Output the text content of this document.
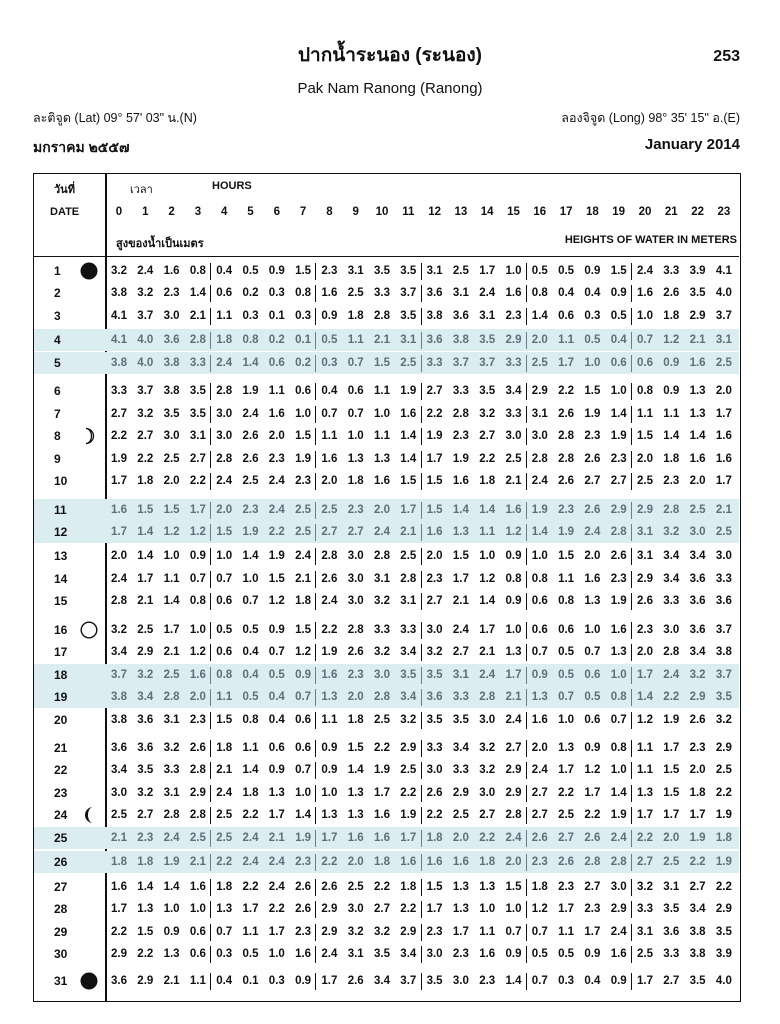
ปากน้ำระนอง (ระนอง)	253
Pak Nam Ranong (Ranong)
ละติจูด (Lat) 09° 57' 03" น.(N)	ลองจิจูด (Long) 98° 35' 15" อ.(E)
มกราคม ๒๕๕๗	January 2014
วันที่
DATE
เวลา	HOURS
0	1	2	3	4	5	6	7	8	9	10	11	12	13	14	15	16	17	18	19	20	21	22	23
สูงของน้ำเป็นเมตร	HEIGHTS OF WATER IN METERS
1	3.2 2.4 1.6 0.8 0.4 0.5 0.9 1.5 2.3 3.1 3.5 3.5 3.1 2.5 1.7 1.0 0.5 0.5 0.9 1.5 2.4 3.3 3.9 4.1
2	3.8 3.2 2.3 1.4 0.6 0.2 0.3 0.8 1.6 2.5 3.3 3.7 3.6 3.1 2.4 1.6 0.8 0.4 0.4 0.9 1.6 2.6 3.5 4.0
3	4.1 3.7 3.0 2.1 1.1 0.3 0.1 0.3 0.9 1.8 2.8 3.5 3.8 3.6 3.1 2.3 1.4 0.6 0.3 0.5 1.0 1.8 2.9 3.7
4	4.1 4.0 3.6 2.8 1.8 0.8 0.2 0.1 0.5 1.1 2.1 3.1 3.6 3.8 3.5 2.9 2.0 1.1 0.5 0.4 0.7 1.2 2.1 3.1
5	3.8 4.0 3.8 3.3 2.4 1.4 0.6 0.2 0.3 0.7 1.5 2.5 3.3 3.7 3.7 3.3 2.5 1.7 1.0 0.6 0.6 0.9 1.6 2.5
6	3.3 3.7 3.8 3.5 2.8 1.9 1.1 0.6 0.4 0.6 1.1 1.9 2.7 3.3 3.5 3.4 2.9 2.2 1.5 1.0 0.8 0.9 1.3 2.0
7	2.7 3.2 3.5 3.5 3.0 2.4 1.6 1.0 0.7 0.7 1.0 1.6 2.2 2.8 3.2 3.3 3.1 2.6 1.9 1.4 1.1 1.1 1.3 1.7
8	2.2 2.7 3.0 3.1 3.0 2.6 2.0 1.5 1.1 1.0 1.1 1.4 1.9 2.3 2.7 3.0 3.0 2.8 2.3 1.9 1.5 1.4 1.4 1.6
9	1.9 2.2 2.5 2.7 2.8 2.6 2.3 1.9 1.6 1.3 1.3 1.4 1.7 1.9 2.2 2.5 2.8 2.8 2.6 2.3 2.0 1.8 1.6 1.6
10	1.7 1.8 2.0 2.2 2.4 2.5 2.4 2.3 2.0 1.8 1.6 1.5 1.5 1.6 1.8 2.1 2.4 2.6 2.7 2.7 2.5 2.3 2.0 1.7
11	1.6 1.5 1.5 1.7 2.0 2.3 2.4 2.5 2.5 2.3 2.0 1.7 1.5 1.4 1.4 1.6 1.9 2.3 2.6 2.9 2.9 2.8 2.5 2.1
12	1.7 1.4 1.2 1.2 1.5 1.9 2.2 2.5 2.7 2.7 2.4 2.1 1.6 1.3 1.1 1.2 1.4 1.9 2.4 2.8 3.1 3.2 3.0 2.5
13	2.0 1.4 1.0 0.9 1.0 1.4 1.9 2.4 2.8 3.0 2.8 2.5 2.0 1.5 1.0 0.9 1.0 1.5 2.0 2.6 3.1 3.4 3.4 3.0
14	2.4 1.7 1.1 0.7 0.7 1.0 1.5 2.1 2.6 3.0 3.1 2.8 2.3 1.7 1.2 0.8 0.8 1.1 1.6 2.3 2.9 3.4 3.6 3.3
15	2.8 2.1 1.4 0.8 0.6 0.7 1.2 1.8 2.4 3.0 3.2 3.1 2.7 2.1 1.4 0.9 0.6 0.8 1.3 1.9 2.6 3.3 3.6 3.6
16	3.2 2.5 1.7 1.0 0.5 0.5 0.9 1.5 2.2 2.8 3.3 3.3 3.0 2.4 1.7 1.0 0.6 0.6 1.0 1.6 2.3 3.0 3.6 3.7
17	3.4 2.9 2.1 1.2 0.6 0.4 0.7 1.2 1.9 2.6 3.2 3.4 3.2 2.7 2.1 1.3 0.7 0.5 0.7 1.3 2.0 2.8 3.4 3.8
18	3.7 3.2 2.5 1.6 0.8 0.4 0.5 0.9 1.6 2.3 3.0 3.5 3.5 3.1 2.4 1.7 0.9 0.5 0.6 1.0 1.7 2.4 3.2 3.7
19	3.8 3.4 2.8 2.0 1.1 0.5 0.4 0.7 1.3 2.0 2.8 3.4 3.6 3.3 2.8 2.1 1.3 0.7 0.5 0.8 1.4 2.2 2.9 3.5
20	3.8 3.6 3.1 2.3 1.5 0.8 0.4 0.6 1.1 1.8 2.5 3.2 3.5 3.5 3.0 2.4 1.6 1.0 0.6 0.7 1.2 1.9 2.6 3.2
21	3.6 3.6 3.2 2.6 1.8 1.1 0.6 0.6 0.9 1.5 2.2 2.9 3.3 3.4 3.2 2.7 2.0 1.3 0.9 0.8 1.1 1.7 2.3 2.9
22	3.4 3.5 3.3 2.8 2.1 1.4 0.9 0.7 0.9 1.4 1.9 2.5 3.0 3.3 3.2 2.9 2.4 1.7 1.2 1.0 1.1 1.5 2.0 2.5
23	3.0 3.2 3.1 2.9 2.4 1.8 1.3 1.0 1.0 1.3 1.7 2.2 2.6 2.9 3.0 2.9 2.7 2.2 1.7 1.4 1.3 1.5 1.8 2.2
24	2.5 2.7 2.8 2.8 2.5 2.2 1.7 1.4 1.3 1.3 1.6 1.9 2.2 2.5 2.7 2.8 2.7 2.5 2.2 1.9 1.7 1.7 1.7 1.9
25	2.1 2.3 2.4 2.5 2.5 2.4 2.1 1.9 1.7 1.6 1.6 1.7 1.8 2.0 2.2 2.4 2.6 2.7 2.6 2.4 2.2 2.0 1.9 1.8
26	1.8 1.8 1.9 2.1 2.2 2.4 2.4 2.3 2.2 2.0 1.8 1.6 1.6 1.6 1.8 2.0 2.3 2.6 2.8 2.8 2.7 2.5 2.2 1.9
27	1.6 1.4 1.4 1.6 1.8 2.2 2.4 2.6 2.6 2.5 2.2 1.8 1.5 1.3 1.3 1.5 1.8 2.3 2.7 3.0 3.2 3.1 2.7 2.2
28	1.7 1.3 1.0 1.0 1.3 1.7 2.2 2.6 2.9 3.0 2.7 2.2 1.7 1.3 1.0 1.0 1.2 1.7 2.3 2.9 3.3 3.5 3.4 2.9
29	2.2 1.5 0.9 0.6 0.7 1.1 1.7 2.3 2.9 3.2 3.2 2.9 2.3 1.7 1.1 0.7 0.7 1.1 1.7 2.4 3.1 3.6 3.8 3.5
30	2.9 2.2 1.3 0.6 0.3 0.5 1.0 1.6 2.4 3.1 3.5 3.4 3.0 2.3 1.6 0.9 0.5 0.5 0.9 1.6 2.5 3.3 3.8 3.9
31	3.6 2.9 2.1 1.1 0.4 0.1 0.3 0.9 1.7 2.6 3.4 3.7 3.5 3.0 2.3 1.4 0.7 0.3 0.4 0.9 1.7 2.7 3.5 4.0
